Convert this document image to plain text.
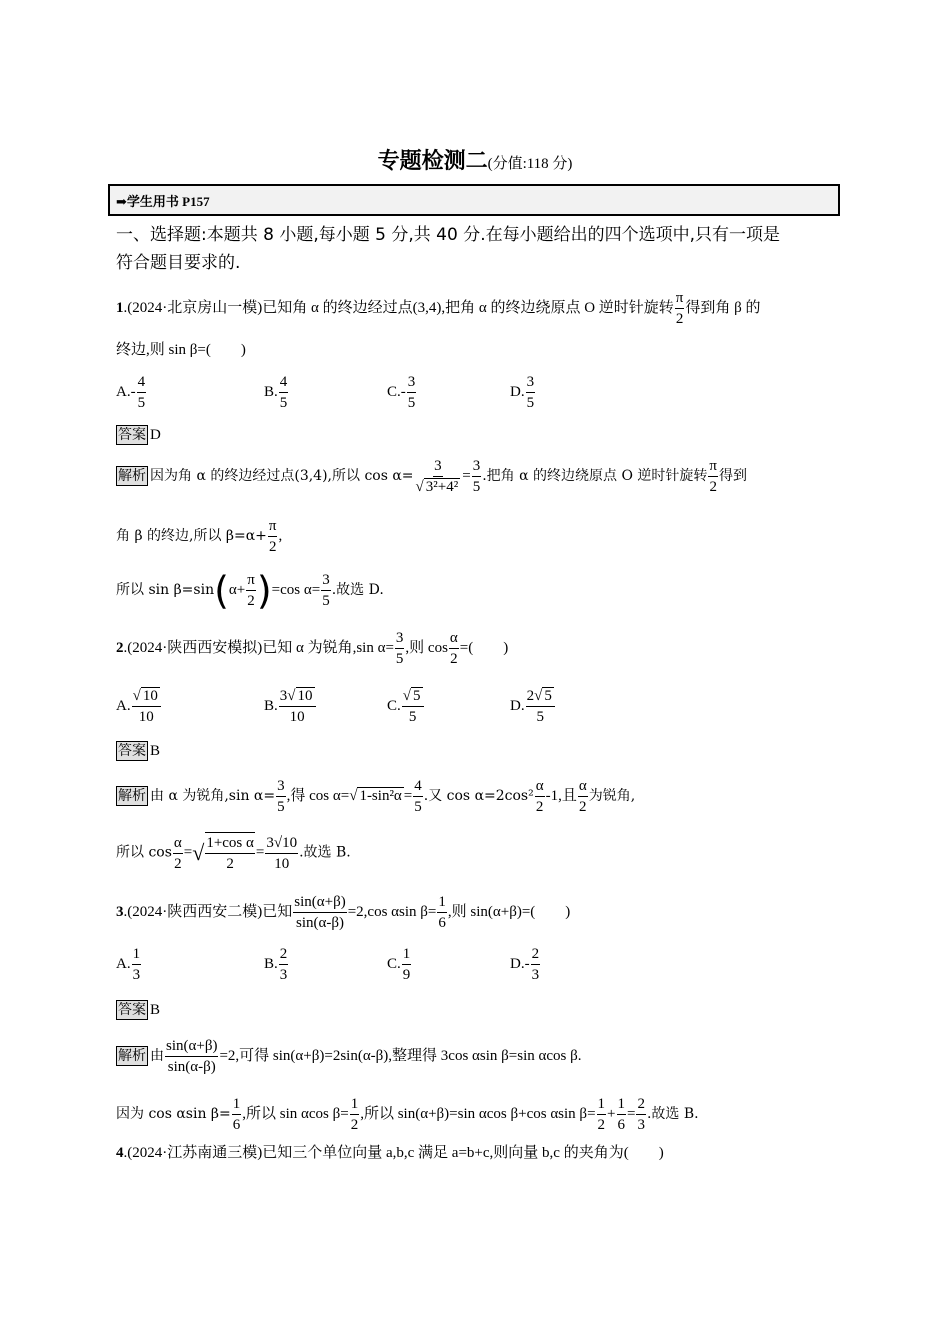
专题检测二(分值:118 分)
➡学生用书 P157
一、选择题:本题共 8 小题,每小题 5 分,共 40 分.在每小题给出的四个选项中,只有一项是
符合题目要求的.
1.(2024·北京房山一模)已知角 α 的终边经过点(3,4),把角 α 的终边绕原点 O 逆时针旋转 $\frac{\pi}{2}$ 得到角 β 的
终边,则 sin β=(　　)
$A.- \frac{4}{5}$	B. $\frac{4}{5}$	$C.- \frac{3}{5}$	D. $\frac{3}{5}$
答案 D
解析 因为角 α 的终边经过点(3,4),所以 $\cos \alpha= \frac{3}{\text{√ 3²+4²}} = \frac{3}{5}$ .把角 α 的终边绕原点 O 逆时针旋转 $\frac{\pi}{2}$ 得到
角 β 的终边,所以 $\beta=\alpha+ \frac{\pi}{2}$ ,
所以 $\sin \beta=\sin(\alpha+ \frac{\pi}{2} )=\cos$ $\alpha= \frac{3}{5}$ .故选 D.
2.(2024·陕西西安模拟)已知 α 为锐角,sin $\alpha= \frac{3}{5}$ ,则 $\cos \frac{\alpha}{2}$ =(　　)
A. $\frac{√ 10}{10}$	B. $\frac{3√ 10}{10}$	C. $\frac{√ 5}{5}$	D. $\frac{2√ 5}{5}$
答案 B
解析 由 α 为锐角,sin $\alpha= \frac{3}{5}$ ,得 cos α=√ $1-\sin^2\alpha = \frac{4}{5}$ .又 $\cos \alpha=2\cos^2 \frac{\alpha}{2} -1$,且 $\frac{\alpha}{2}$ 为锐角,
所以 $\cos \frac{\alpha}{2}$ =√ $\frac{\text{1+cos α}}{2} = \frac{3√10}{10}$ .故选 B.
3.(2024·陕西西安二模)已知 $\frac{\sin(\alpha+\beta)}{\sin(\alpha-\beta)} =2,\cos$ αsin $\beta= \frac{1}{6}$ ,则 sin(α+β)=(　　)
A. $\frac{1}{3}$	B. $\frac{2}{3}$	C. $\frac{1}{9}$	$D.- \frac{2}{3}$
答案 B
解析 由 $\frac{\sin(\alpha+\beta)}{\sin(\alpha-\beta)} =2$,可得 sin(α+β)=2sin(α-β),整理得 3cos αsin β=sin αcos β.
因为 cos αsin $\beta= \frac{1}{6}$ ,所以 sin αcos $\beta= \frac{1}{2}$ ,所以 sin(α+β)=sin αcos β+cos αsin $\beta= \frac{1}{2} + \frac{1}{6} = \frac{2}{3}$ .故选 B.
4.(2024·江苏南通三模)已知三个单位向量 a,b,c 满足 a=b+c,则向量 b,c 的夹角为(　　)
